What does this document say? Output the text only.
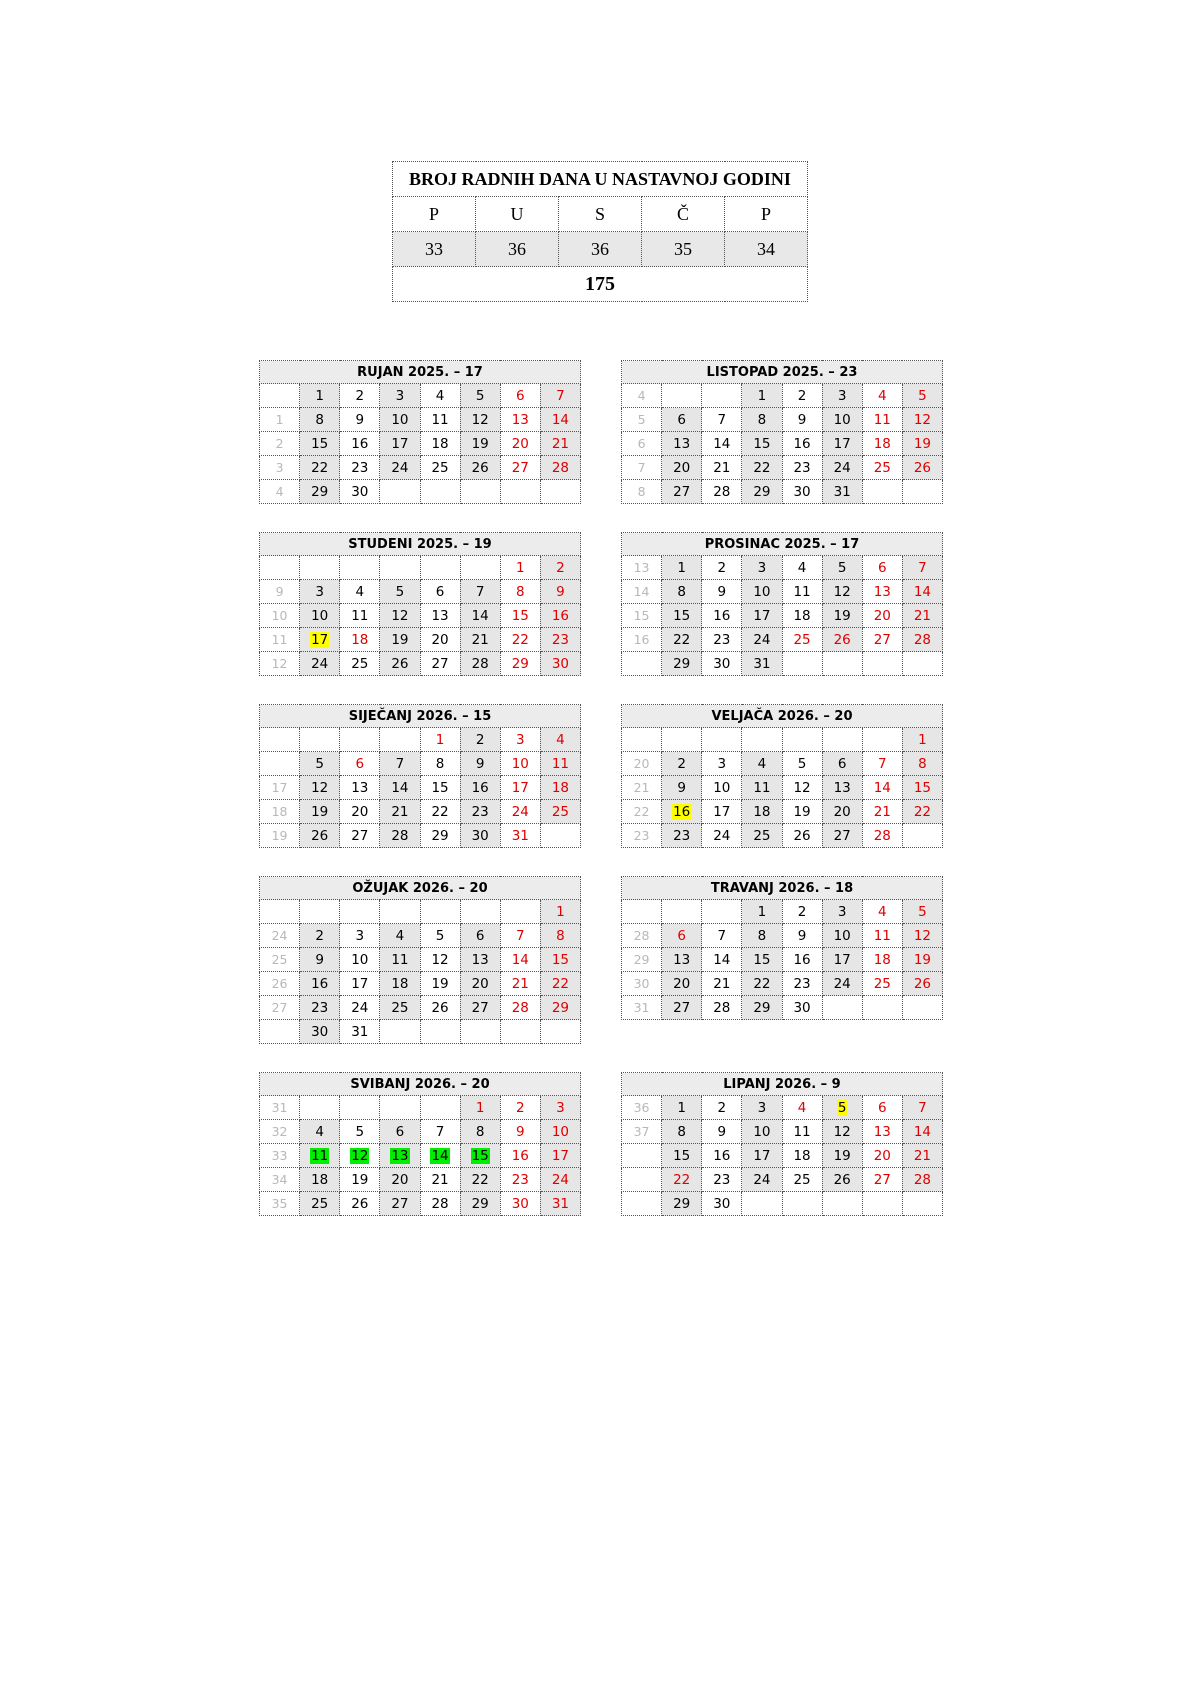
BROJ RADNIH DANA U NASTAVNOJ GODINI				
P	U	S	Č	P
33	36	36	35	34
175				
RUJAN 2025. – 17							
	1	2	3	4	5	6	7
1	8	9	10	11	12	13	14
2	15	16	17	18	19	20	21
3	22	23	24	25	26	27	28
4	29	30					
LISTOPAD 2025. – 23							
4			1	2	3	4	5
5	6	7	8	9	10	11	12
6	13	14	15	16	17	18	19
7	20	21	22	23	24	25	26
8	27	28	29	30	31		
STUDENI 2025. – 19							
						1	2
9	3	4	5	6	7	8	9
10	10	11	12	13	14	15	16
11	17	18	19	20	21	22	23
12	24	25	26	27	28	29	30
PROSINAC 2025. – 17							
13	1	2	3	4	5	6	7
14	8	9	10	11	12	13	14
15	15	16	17	18	19	20	21
16	22	23	24	25	26	27	28
	29	30	31				
SIJEČANJ 2026. – 15							
				1	2	3	4
	5	6	7	8	9	10	11
17	12	13	14	15	16	17	18
18	19	20	21	22	23	24	25
19	26	27	28	29	30	31	
VELJAČA 2026. – 20							
							1
20	2	3	4	5	6	7	8
21	9	10	11	12	13	14	15
22	16	17	18	19	20	21	22
23	23	24	25	26	27	28	
OŽUJAK 2026. – 20							
							1
24	2	3	4	5	6	7	8
25	9	10	11	12	13	14	15
26	16	17	18	19	20	21	22
27	23	24	25	26	27	28	29
	30	31					
TRAVANJ 2026. – 18							
			1	2	3	4	5
28	6	7	8	9	10	11	12
29	13	14	15	16	17	18	19
30	20	21	22	23	24	25	26
31	27	28	29	30			
SVIBANJ 2026. – 20							
31					1	2	3
32	4	5	6	7	8	9	10
33	11	12	13	14	15	16	17
34	18	19	20	21	22	23	24
35	25	26	27	28	29	30	31
LIPANJ 2026. – 9							
36	1	2	3	4	5	6	7
37	8	9	10	11	12	13	14
	15	16	17	18	19	20	21
	22	23	24	25	26	27	28
	29	30					
